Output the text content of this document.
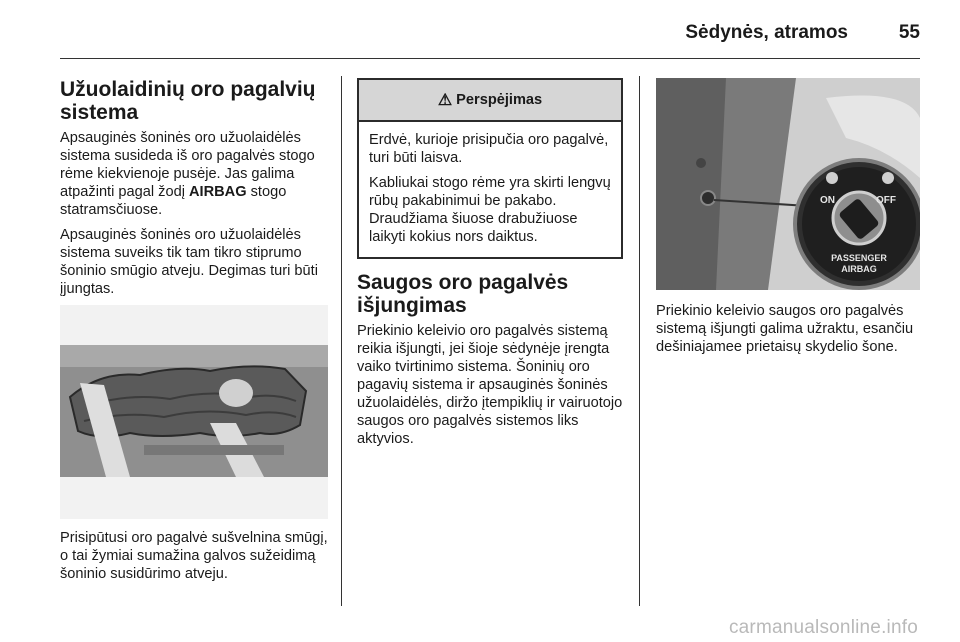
Sėdynės, atramos	55
Užuolaidinių oro pagalvių sistema

Apsauginės šoninės oro užuolaidėlės sistema susideda iš oro pagalvės stogo rėme kiekvienoje pusėje. Jas galima atpažinti pagal žodį AIRBAG stogo statramsčiuose.

Apsauginės šoninės oro užuolaidėlės sistema suveiks tik tam tikro stiprumo šoninio smūgio atveju. Degimas turi būti įjungtas.

Prisipūtusi oro pagalvė sušvelnina smūgį, o tai žymiai sumažina galvos sužeidimą šoninio susidūrimo atveju.

⚠ Perspėjimas

Erdvė, kurioje prisipučia oro pagalvė, turi būti laisva.

Kabliukai stogo rėme yra skirti lengvų rūbų pakabinimui be pakabo. Draudžiama šiuose drabužiuose laikyti kokius nors daiktus.

Saugos oro pagalvės išjungimas

Priekinio keleivio oro pagalvės sistemą reikia išjungti, jei šioje sėdynėje įrengta vaiko tvirtinimo sistema. Šoninių oro pagavių sistema ir apsauginės šoninės užuolaidėlės, diržo įtempiklių ir vairuotojo saugos oro pagalvės sistemos liks aktyvios.

ON	OFF
PASSENGER
AIRBAG

Priekinio keleivio saugos oro pagalvės sistemą išjungti galima užraktu, esančiu dešiniajamee prietaisų skydelio šone.

carmanualsonline.info
